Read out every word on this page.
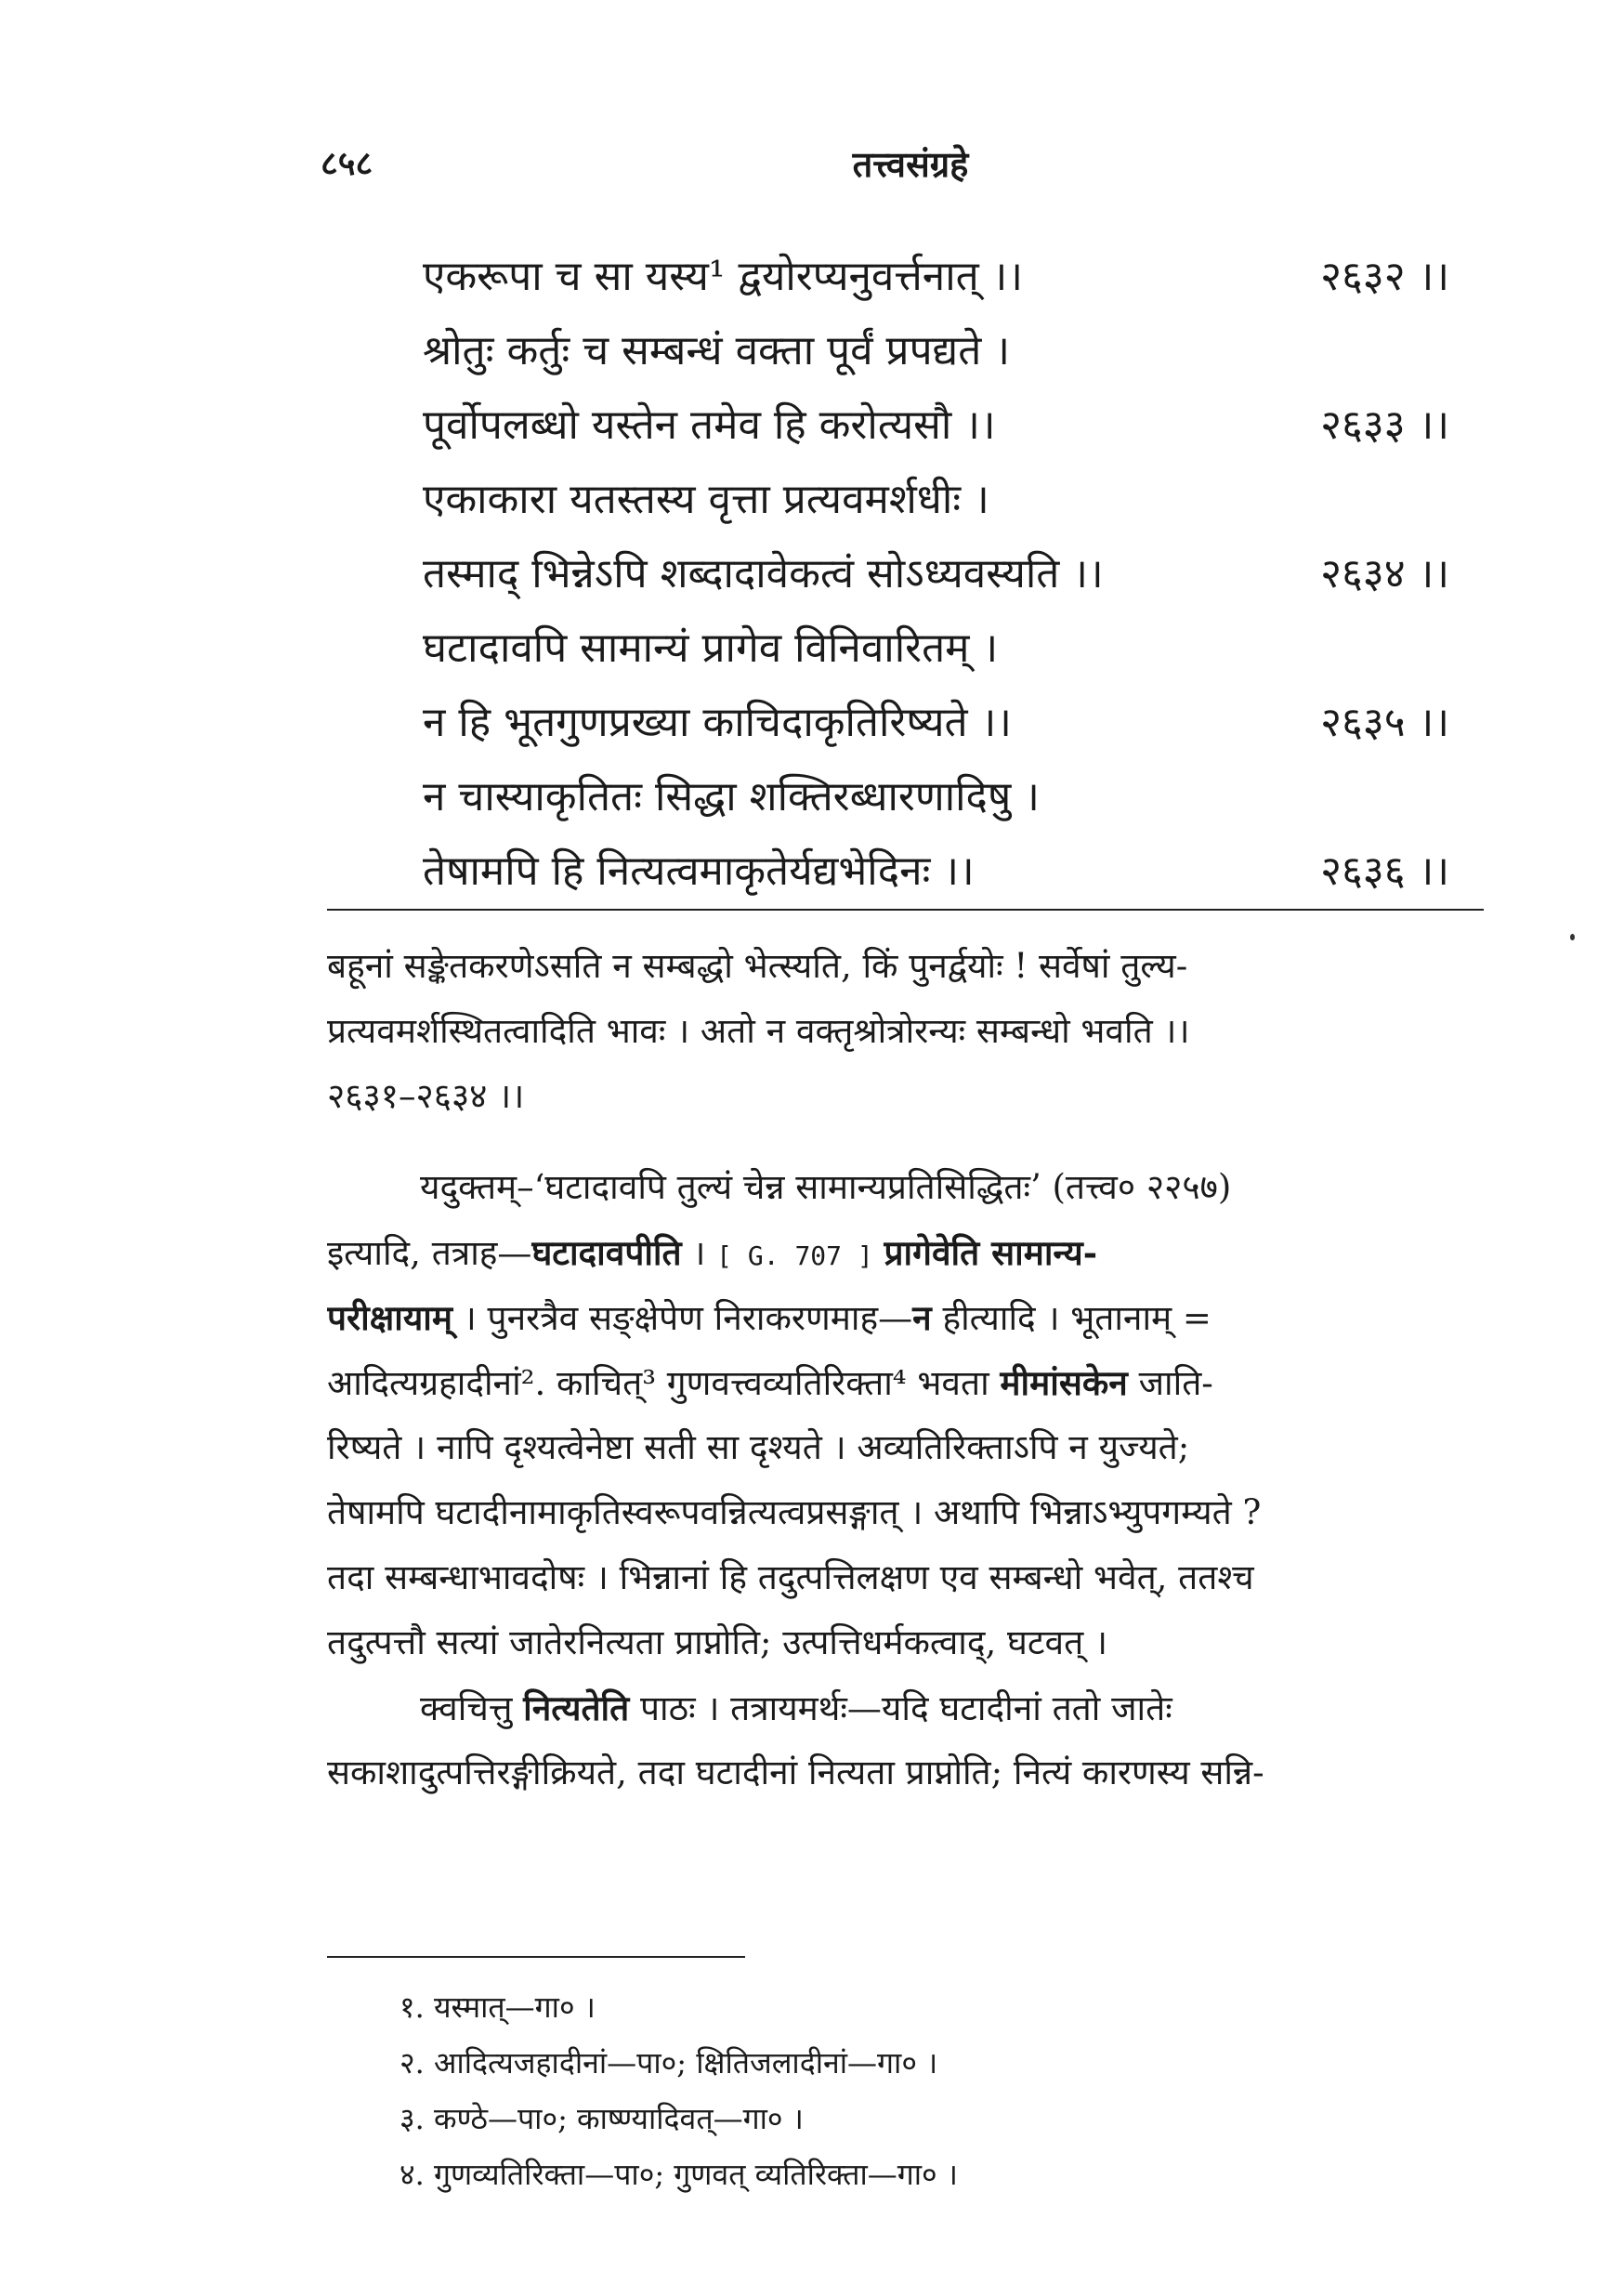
८५८	तत्त्वसंग्रहे
एकरूपा च सा यस्य¹ द्वयोरप्यनुवर्त्तनात् ।।	२६३२ ।।
श्रोतुः कर्तुः च सम्बन्धं वक्ता पूर्वं प्रपद्यते ।
पूर्वोपलब्धो यस्तेन तमेव हि करोत्यसौ ।।	२६३३ ।।
एकाकारा यतस्तस्य वृत्ता प्रत्यवमर्शधीः ।
तस्माद् भिन्नेऽपि शब्दादावेकत्वं सोऽध्यवस्यति ।।	२६३४ ।।
घटादावपि सामान्यं प्रागेव विनिवारितम् ।
न हि भूतगुणप्रख्या काचिदाकृतिरिष्यते ।।	२६३५ ।।
न चास्याकृतितः सिद्धा शक्तिरब्धारणादिषु ।
तेषामपि हि नित्यत्वमाकृतेर्यद्यभेदिनः ।।	२६३६ ।।
बहूनां सङ्केतकरणेऽसति न सम्बद्धो भेत्स्यति, किं पुनर्द्वयोः ! सर्वेषां तुल्य-
प्रत्यवमर्शस्थितत्वादिति भावः । अतो न वक्तृश्रोत्रोरन्यः सम्बन्धो भवति ।।
२६३१–२६३४ ।।
यदुक्तम्–‘घटादावपि तुल्यं चेन्न सामान्यप्रतिसिद्धितः’ (तत्त्व० २२५७)
इत्यादि, तत्राह—घटादावपीति । [ G. 707 ] प्रागेवेति सामान्य-
परीक्षायाम् । पुनरत्रैव सङ्क्षेपेण निराकरणमाह—न हीत्यादि । भूतानाम् =
आदित्यग्रहादीनां². काचित्³ गुणवत्त्वव्यतिरिक्ता⁴ भवता मीमांसकेन जाति-
रिष्यते । नापि दृश्यत्वेनेष्टा सती सा दृश्यते । अव्यतिरिक्ताऽपि न युज्यते;
तेषामपि घटादीनामाकृतिस्वरूपवन्नित्यत्वप्रसङ्गात् । अथापि भिन्नाऽभ्युपगम्यते ?
तदा सम्बन्धाभावदोषः । भिन्नानां हि तदुत्पत्तिलक्षण एव सम्बन्धो भवेत्, ततश्च
तदुत्पत्तौ सत्यां जातेरनित्यता प्राप्नोति; उत्पत्तिधर्मकत्वाद्, घटवत् ।
क्वचित्तु नित्यतेति पाठः । तत्रायमर्थः—यदि घटादीनां ततो जातेः
सकाशादुत्पत्तिरङ्गीक्रियते, तदा घटादीनां नित्यता प्राप्नोति; नित्यं कारणस्य सन्नि-
१. यस्मात्—गा० ।
२. आदित्यजहादीनां—पा०; क्षितिजलादीनां—गा० ।
३. कण्ठे—पा०; काष्ण्यादिवत्—गा० ।
४. गुणव्यतिरिक्ता—पा०; गुणवत् व्यतिरिक्ता—गा० ।
